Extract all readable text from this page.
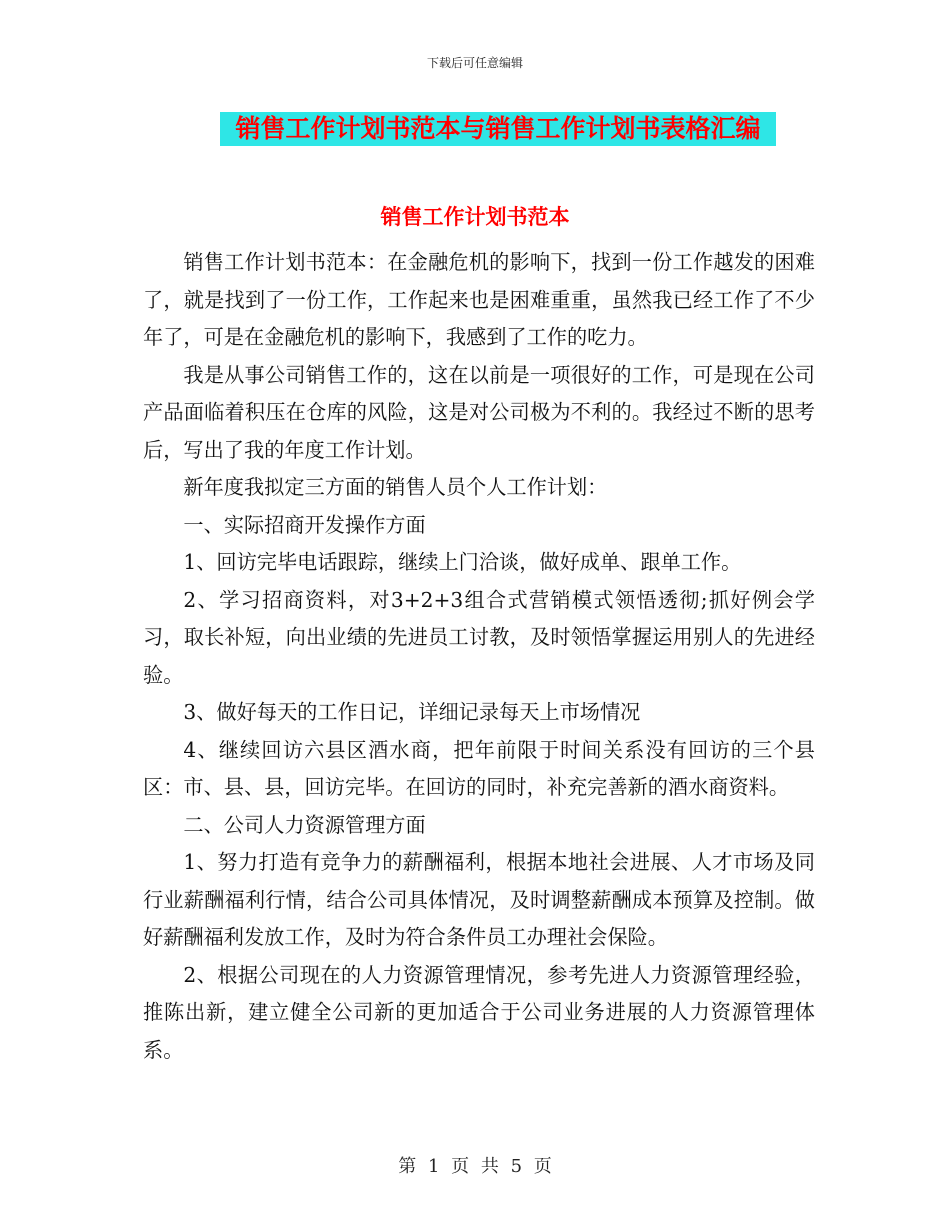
下载后可任意编辑
销售工作计划书范本与销售工作计划书表格汇编
销售工作计划书范本

销售工作计划书范本：在金融危机的影响下，找到一份工作越发的困难了，就是找到了一份工作，工作起来也是困难重重，虽然我已经工作了不少年了，可是在金融危机的影响下，我感到了工作的吃力。

我是从事公司销售工作的，这在以前是一项很好的工作，可是现在公司产品面临着积压在仓库的风险，这是对公司极为不利的。我经过不断的思考后，写出了我的年度工作计划。

新年度我拟定三方面的销售人员个人工作计划：

一、实际招商开发操作方面

1、回访完毕电话跟踪，继续上门洽谈，做好成单、跟单工作。

2、学习招商资料，对3+2+3组合式营销模式领悟透彻;抓好例会学习，取长补短，向出业绩的先进员工讨教，及时领悟掌握运用别人的先进经验。

3、做好每天的工作日记，详细记录每天上市场情况

4、继续回访六县区酒水商，把年前限于时间关系没有回访的三个县区：市、县、县，回访完毕。在回访的同时，补充完善新的酒水商资料。

二、公司人力资源管理方面

1、努力打造有竞争力的薪酬福利，根据本地社会进展、人才市场及同行业薪酬福利行情，结合公司具体情况，及时调整薪酬成本预算及控制。做好薪酬福利发放工作，及时为符合条件员工办理社会保险。

2、根据公司现在的人力资源管理情况，参考先进人力资源管理经验，推陈出新，建立健全公司新的更加适合于公司业务进展的人力资源管理体系。

第 1 页 共 5 页
